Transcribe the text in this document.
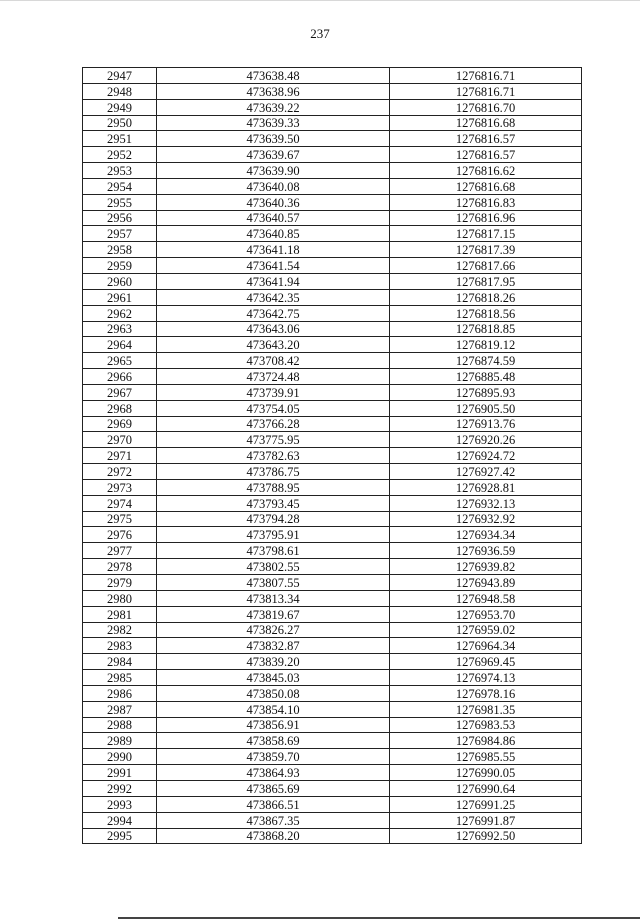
237
2947	473638.48	1276816.71
2948	473638.96	1276816.71
2949	473639.22	1276816.70
2950	473639.33	1276816.68
2951	473639.50	1276816.57
2952	473639.67	1276816.57
2953	473639.90	1276816.62
2954	473640.08	1276816.68
2955	473640.36	1276816.83
2956	473640.57	1276816.96
2957	473640.85	1276817.15
2958	473641.18	1276817.39
2959	473641.54	1276817.66
2960	473641.94	1276817.95
2961	473642.35	1276818.26
2962	473642.75	1276818.56
2963	473643.06	1276818.85
2964	473643.20	1276819.12
2965	473708.42	1276874.59
2966	473724.48	1276885.48
2967	473739.91	1276895.93
2968	473754.05	1276905.50
2969	473766.28	1276913.76
2970	473775.95	1276920.26
2971	473782.63	1276924.72
2972	473786.75	1276927.42
2973	473788.95	1276928.81
2974	473793.45	1276932.13
2975	473794.28	1276932.92
2976	473795.91	1276934.34
2977	473798.61	1276936.59
2978	473802.55	1276939.82
2979	473807.55	1276943.89
2980	473813.34	1276948.58
2981	473819.67	1276953.70
2982	473826.27	1276959.02
2983	473832.87	1276964.34
2984	473839.20	1276969.45
2985	473845.03	1276974.13
2986	473850.08	1276978.16
2987	473854.10	1276981.35
2988	473856.91	1276983.53
2989	473858.69	1276984.86
2990	473859.70	1276985.55
2991	473864.93	1276990.05
2992	473865.69	1276990.64
2993	473866.51	1276991.25
2994	473867.35	1276991.87
2995	473868.20	1276992.50
